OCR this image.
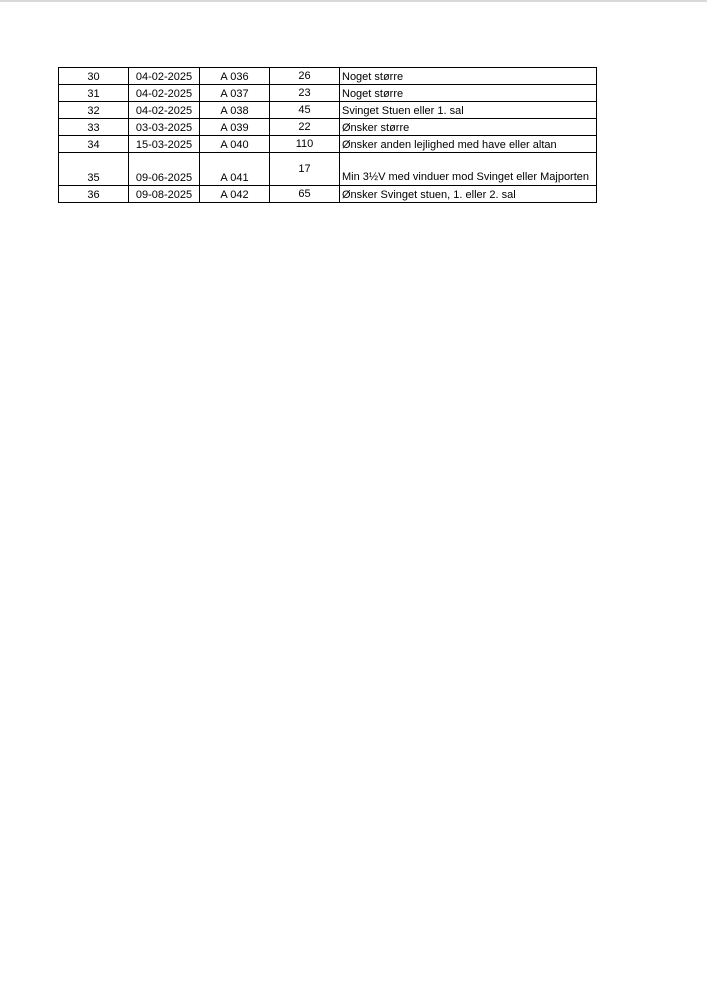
30	04-02-2025	A 036	26	Noget større
31	04-02-2025	A 037	23	Noget større
32	04-02-2025	A 038	45	Svinget Stuen eller 1. sal
33	03-03-2025	A 039	22	Ønsker større
34	15-03-2025	A 040	110	Ønsker anden lejlighed med have eller altan
35	09-06-2025	A 041	17	Min 3½V med vinduer mod Svinget eller Majporten
36	09-08-2025	A 042	65	Ønsker Svinget stuen, 1. eller 2. sal
